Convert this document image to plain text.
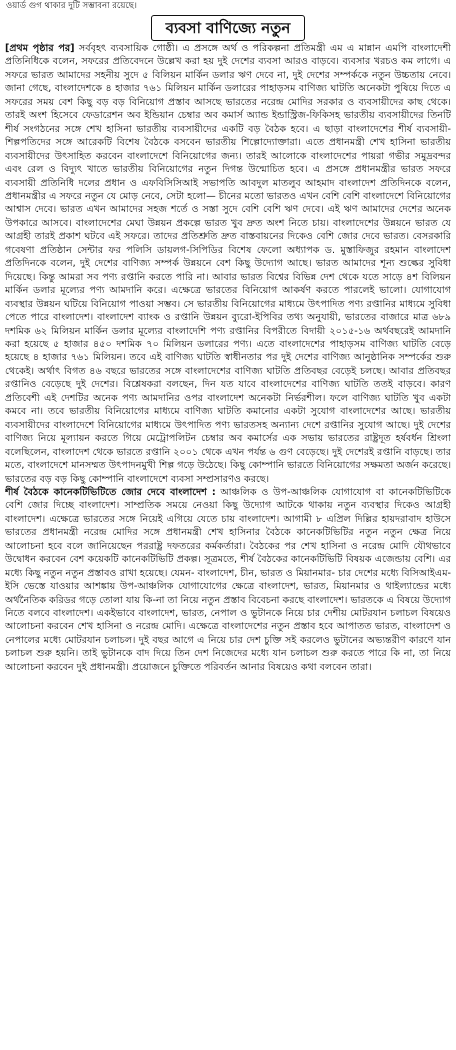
ওয়ার্ড গুগ থাকার দুটি সম্ভাবনা রয়েছে।
ব্যবসা বাণিজ্যে নতুন

[প্রথম পৃষ্ঠার পর] সর্ববৃহৎ ব্যবসায়িক গোষ্ঠী। এ প্রসঙ্গে অর্থ ও পরিকল্পনা প্রতিমন্ত্রী এম এ মান্নান এমপি বাংলাদেশী প্রতিনিধিকে বলেন, সফরের প্রতিবেদনে উল্লেখ করা হয় দুই দেশের ব্যবসা আরও বাড়বে। ব্যবসার খরচও কম লাগে। এ সফরে ভারত আমাদের সহনীয় সুদে ৫ বিলিয়ন মার্কিন ডলার ঋণ দেবে না, দুই দেশের সম্পর্ককে নতুন উচ্চতায় নেবে। জানা গেছে, বাংলাদেশকে ৪ হাজার ৭৬১ মিলিয়ন মার্কিন ডলারের পাহাড়সম বাণিজ্য ঘাটতি অনেকটা পুষিয়ে দিতে এ সফরের সময় বেশ কিছু বড় বড় বিনিয়োগ প্রস্তাব আসছে ভারতের নরেন্দ্র মোদির সরকার ও ব্যবসায়ীদের কাছ থেকে। তারই অংশ হিসেবে ফেডারেশন অব ইন্ডিয়ান চেম্বার অব কমার্স অ্যান্ড ইন্ডাস্ট্রিজ-ফিকিসহ ভারতীয় ব্যবসায়ীদের তিনটি শীর্ষ সংগঠনের সঙ্গে শেখ হাসিনা ভারতীয় ব্যবসায়ীদের একটি বড় বৈঠক হবে। এ ছাড়া বাংলাদেশের শীর্ষ ব্যবসায়ী-শিল্পপতিদের সঙ্গে আরেকটি বিশেষ বৈঠকে বসবেন ভারতীয় শিল্পোদ্যোক্তারা। এতে প্রধানমন্ত্রী শেখ হাসিনা ভারতীয় ব্যবসায়ীদের উৎসাহিত করবেন বাংলাদেশে বিনিয়োগের জন্য। তারই আলোকে বাংলাদেশের পায়রা গভীর সমুদ্রবন্দর এবং রেল ও বিদ্যুৎ খাতে ভারতীয় বিনিয়োগের নতুন দিগন্ত উন্মোচিত হবে। এ প্রসঙ্গে প্রধানমন্ত্রীর ভারত সফরে ব্যবসায়ী প্রতিনিধি দলের প্রধান ও এফবিসিসিআই সভাপতি আবদুল মাতলুব আহমাদ বাংলাদেশ প্রতিদিনকে বলেন, প্রধানমন্ত্রীর এ সফরে নতুন যে মোড় নেবে, সেটা হলো— চীনের মতো ভারতও এখন বেশি বেশি বাংলাদেশে বিনিয়োগের আশ্বাস দেবে। ভারত এখন আমাদের সহজ শর্তে ও সস্তা সুদে বেশি বেশি ঋণ দেবে। এই ঋণ আমাদের দেশের অনেক উপকারে আসবে। বাংলাদেশের মেঘা উন্নয়ন প্রকল্পে ভারত খুব দ্রুত অংশ নিতে চায়। বাংলাদেশের উন্নয়নে ভারত যে আগ্রহী তারই প্রকাশ ঘটবে এই সফরে। তাদের প্রতিশ্রুতি দ্রুত বাস্তবায়নের দিকেও বেশি জোর দেবে ভারত। বেসরকারি গবেষণা প্রতিষ্ঠান সেন্টার ফর পলিসি ডায়লগ-সিপিডির বিশেষ ফেলো অধ্যাপক ড. মুস্তাফিজুর রহমান বাংলাদেশ প্রতিদিনকে বলেন, দুই দেশের বাণিজ্য সম্পর্ক উন্নয়নে বেশ কিছু উদ্যোগ আছে। ভারত আমাদের শূন্য শুল্কের সুবিধা দিয়েছে। কিন্তু আমরা সব পণ্য রপ্তানি করতে পারি না। আবার ভারত বিশ্বের বিভিন্ন দেশ থেকে যতে সাড়ে ৪শ বিলিয়ন মার্কিন ডলার মূল্যের পণ্য আমদানি করে। এক্ষেত্রে ভারতের বিনিয়োগ আকর্ষণ করতে পারলেই ভালো। যোগাযোগ ব্যবস্থার উন্নয়ন ঘটিয়ে বিনিয়োগ পাওয়া সম্ভব। সে ভারতীয় বিনিয়োগের মাধ্যমে উৎপাদিত পণ্য রপ্তানির মাধ্যমে সুবিধা পেতে পারে বাংলাদেশ। বাংলাদেশ ব্যাংক ও রপ্তানি উন্নয়ন ব্যুরো-ইপিবির তথ্য অনুযায়ী, ভারতের বাজারে মাত্র ৬৮৯ দশমিক ৬২ মিলিয়ন মার্কিন ডলার মূল্যের বাংলাদেশি পণ্য রপ্তানির বিপরীতে বিদায়ী ২০১৫-১৬ অর্থবছরেই আমদানি করা হয়েছে ৫ হাজার ৪৫০ দশমিক ৭০ মিলিয়ন ডলারের পণ্য। এতে বাংলাদেশের পাহাড়সম বাণিজ্য ঘাটতি বেড়ে হয়েছে ৪ হাজার ৭৬১ মিলিয়ন। তবে এই বাণিজ্য ঘাটতি স্বাধীনতার পর দুই দেশের বাণিজ্য আনুষ্ঠানিক সম্পর্কের শুরু থেকেই। অর্থাৎ বিগত ৪৬ বছরে ভারতের সঙ্গে বাংলাদেশের বাণিজ্য ঘাটতি প্রতিবছর বেড়েই চলছে। আবার প্রতিবছর রপ্তানিও বেড়েছে দুই দেশের। বিশ্লেষকরা বলছেন, দিন যত যাবে বাংলাদেশের বাণিজ্য ঘাটতি ততই বাড়বে। কারণ প্রতিবেশী এই দেশটির অনেক পণ্য আমদানির ওপর বাংলাদেশ অনেকটা নির্ভরশীল। ফলে বাণিজ্য ঘাটতি খুব একটা কমবে না। তবে ভারতীয় বিনিয়োগের মাধ্যমে বাণিজ্য ঘাটতি কমানোর একটা সুযোগ বাংলাদেশের আছে। ভারতীয় ব্যবসায়ীদের বাংলাদেশে বিনিয়োগের মাধ্যমে উৎপাদিত পণ্য ভারতসহ অন্যান্য দেশে রপ্তানির সুযোগ আছে। দুই দেশের বাণিজ্য নিয়ে মূল্যায়ন করতে গিয়ে মেট্রোপলিটন চেম্বার অব কমার্সের এক সভায় ভারতের রাষ্ট্রদূত হর্ষবর্ধন শ্রিংলা বলেছিলেন, বাংলাদেশ থেকে ভারতে রপ্তানি ২০০১ থেকে এখন পর্যন্ত ৬ গুণ বেড়েছে। দুই দেশেরই রপ্তানি বাড়ছে। তার মতে, বাংলাদেশে মানসম্মত উৎপাদনমুখী শিল্প গড়ে উঠেছে। কিছু কোম্পানি ভারতে বিনিয়োগের সক্ষমতা অর্জন করেছে। ভারতের বড় বড় কিছু কোম্পানি বাংলাদেশে ব্যবসা সম্প্রসারণও করছে।

শীর্ষ বৈঠকে কানেকটিভিটিতে জোর দেবে বাংলাদেশ : আঞ্চলিক ও উপ-আঞ্চলিক যোগাযোগ বা কানেকটিভিটিকে বেশি জোর দিচ্ছে বাংলাদেশ। সাম্প্রতিক সময়ে নেওয়া কিছু উদ্যোগ আটকে থাকায় নতুন ব্যবস্থার দিকেও আগ্রহী বাংলাদেশ। এক্ষেত্রে ভারতের সঙ্গে নিয়েই এগিয়ে যেতে চায় বাংলাদেশ। আগামী ৮ এপ্রিল দিল্লির হায়দরাবাদ হাউসে ভারতের প্রধানমন্ত্রী নরেন্দ্র মোদির সঙ্গে প্রধানমন্ত্রী শেখ হাসিনার বৈঠকে কানেকটিভিটির নতুন নতুন ক্ষেত্র নিয়ে আলোচনা হবে বলে জানিয়েছেন পররাষ্ট্র দফতরের কর্মকর্তারা। বৈঠকের পর শেখ হাসিনা ও নরেন্দ্র মোদি যৌথভাবে উদ্বোধন করবেন বেশ কয়েকটি কানেকটিভিটি প্রকল্প। সূত্রমতে, শীর্ষ বৈঠকের কানেকটিভিটি বিষয়ক এজেন্ডায় বেশি। এর মধ্যে কিছু নতুন নতুন প্রস্তাবও রাখা হয়েছে। যেমন- বাংলাদেশ, চীন, ভারত ও মিয়ানমার- চার দেশের মধ্যে বিসিআইএম-ইসি ভেস্তে যাওয়ার আশঙ্কায় উপ-আঞ্চলিক যোগাযোগের ক্ষেত্রে বাংলাদেশ, ভারত, মিয়ানমার ও থাইল্যান্ডের মধ্যে অর্থনৈতিক করিডর গড়ে তোলা যায় কি-না তা নিয়ে নতুন প্রস্তাব বিবেচনা করছে বাংলাদেশ। ভারতকে এ বিষয়ে উদ্যোগ নিতে বলবে বাংলাদেশ। একইভাবে বাংলাদেশ, ভারত, নেপাল ও ভুটানকে নিয়ে চার দেশীয় মোটরযান চলাচল বিষয়েও আলোচনা করবেন শেখ হাসিনা ও নরেন্দ্র মোদি। এক্ষেত্রে বাংলাদেশের নতুন প্রস্তাব হবে আপাতত ভারত, বাংলাদেশ ও নেপালের মধ্যে মোটরযান চলাচল। দুই বছর আগে এ নিয়ে চার দেশ চুক্তি সই করলেও ভুটানের অভ্যন্তরীণ কারণে যান চলাচল শুরু হয়নি। তাই ভুটানকে বাদ দিয়ে তিন দেশ নিজেদের মধ্যে যান চলাচল শুরু করতে পারে কি না, তা নিয়ে আলোচনা করবেন দুই প্রধানমন্ত্রী। প্রয়োজনে চুক্তিতে পরিবর্তন আনার বিষয়েও কথা বলবেন তারা।
